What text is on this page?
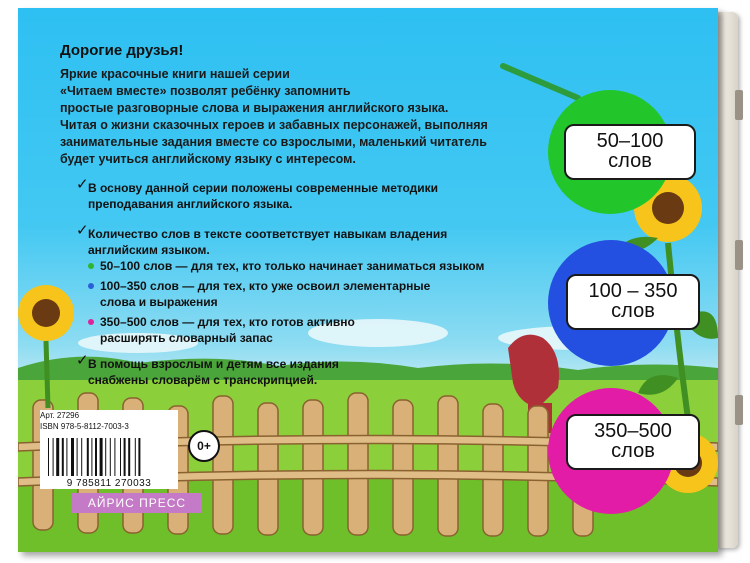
Дорогие друзья!
Яркие красочные книги нашей серии
«Читаем вместе» позволят ребёнку запомнить
простые разговорные слова и выражения английского языка.
Читая о жизни сказочных героев и забавных персонажей, выполняя
занимательные задания вместе со взрослыми, маленький читатель
будет учиться английскому языку с интересом.
✓ В основу данной серии положены современные методики
преподавания английского языка.
✓ Количество слов в тексте соответствует навыкам владения
английским языком.
50–100 слов — для тех, кто только начинает заниматься языком
100–350 слов — для тех, кто уже освоил элементарные
слова и выражения
350–500 слов — для тех, кто готов активно
расширять словарный запас
✓ В помощь взрослым и детям все издания
снабжены словарём с транскрипцией.
50–100
слов
100 – 350
слов
350–500
слов
Арт. 27296
ISBN 978-5-8112-7003-3
9 785811 270033
0+
АЙРИС ПРЕСС
